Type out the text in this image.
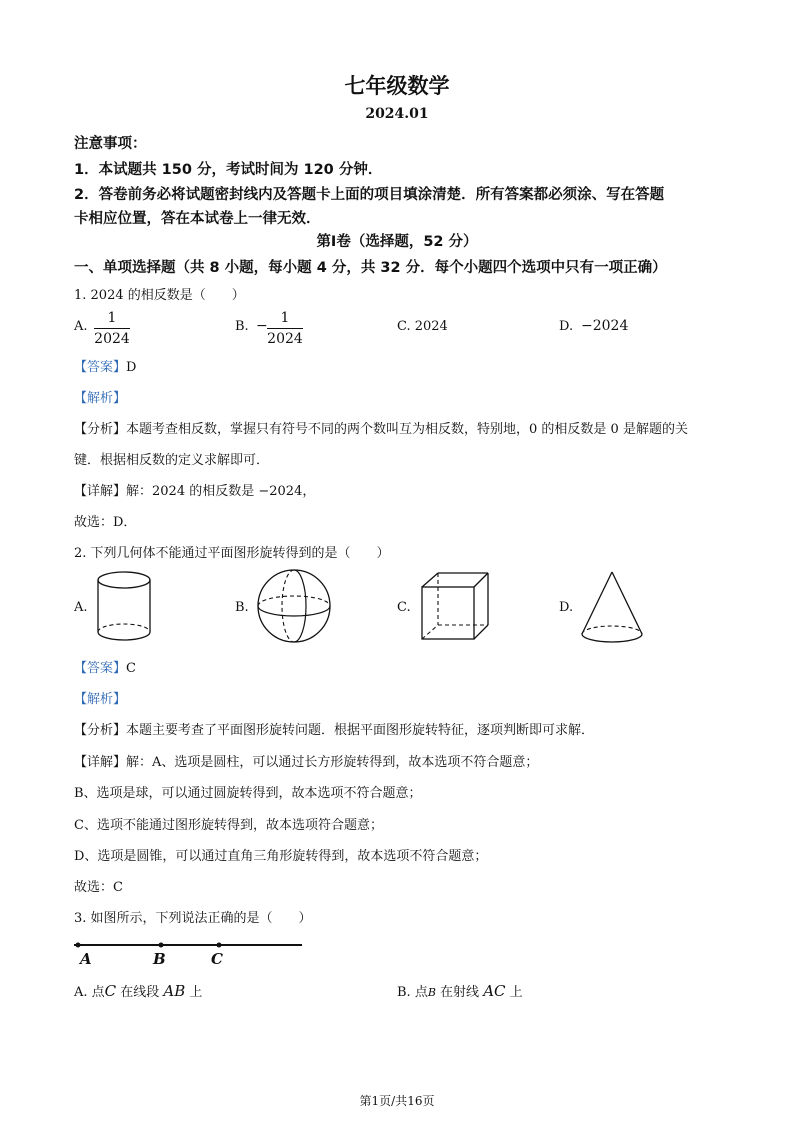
七年级数学
2024.01
注意事项：
1．本试题共 150 分，考试时间为 120 分钟．
2．答卷前务必将试题密封线内及答题卡上面的项目填涂清楚．所有答案都必须涂、写在答题
卡相应位置，答在本试卷上一律无效．
第Ⅰ卷（选择题，52 分）
一、单项选择题（共 8 小题，每小题 4 分，共 32 分．每个小题四个选项中只有一项正确）
1. 2024 的相反数是（　　）
A.
1
2024
B. − 1
2024
C. 2024	D. −2024
【答案】D
【解析】
【分析】本题考查相反数，掌握只有符号不同的两个数叫互为相反数，特别地，0 的相反数是 0 是解题的关
键．根据相反数的定义求解即可．
【详解】解：2024 的相反数是 −2024，
故选：D．
2. 下列几何体不能通过平面图形旋转得到的是（　　）
A.	B.	C.	D.
【答案】C
【解析】
【分析】本题主要考查了平面图形旋转问题．根据平面图形旋转特征，逐项判断即可求解．
【详解】解：A、选项是圆柱，可以通过长方形旋转得到，故本选项不符合题意；
B、选项是球，可以通过圆旋转得到，故本选项不符合题意；
C、选项不能通过图形旋转得到，故本选项符合题意；
D、选项是圆锥，可以通过直角三角形旋转得到，故本选项不符合题意；
故选：C
3. 如图所示，下列说法正确的是（　　）
A	B	C
A. 点C 在线段 AB 上	B. 点B 在射线 AC 上
第1页/共16页
